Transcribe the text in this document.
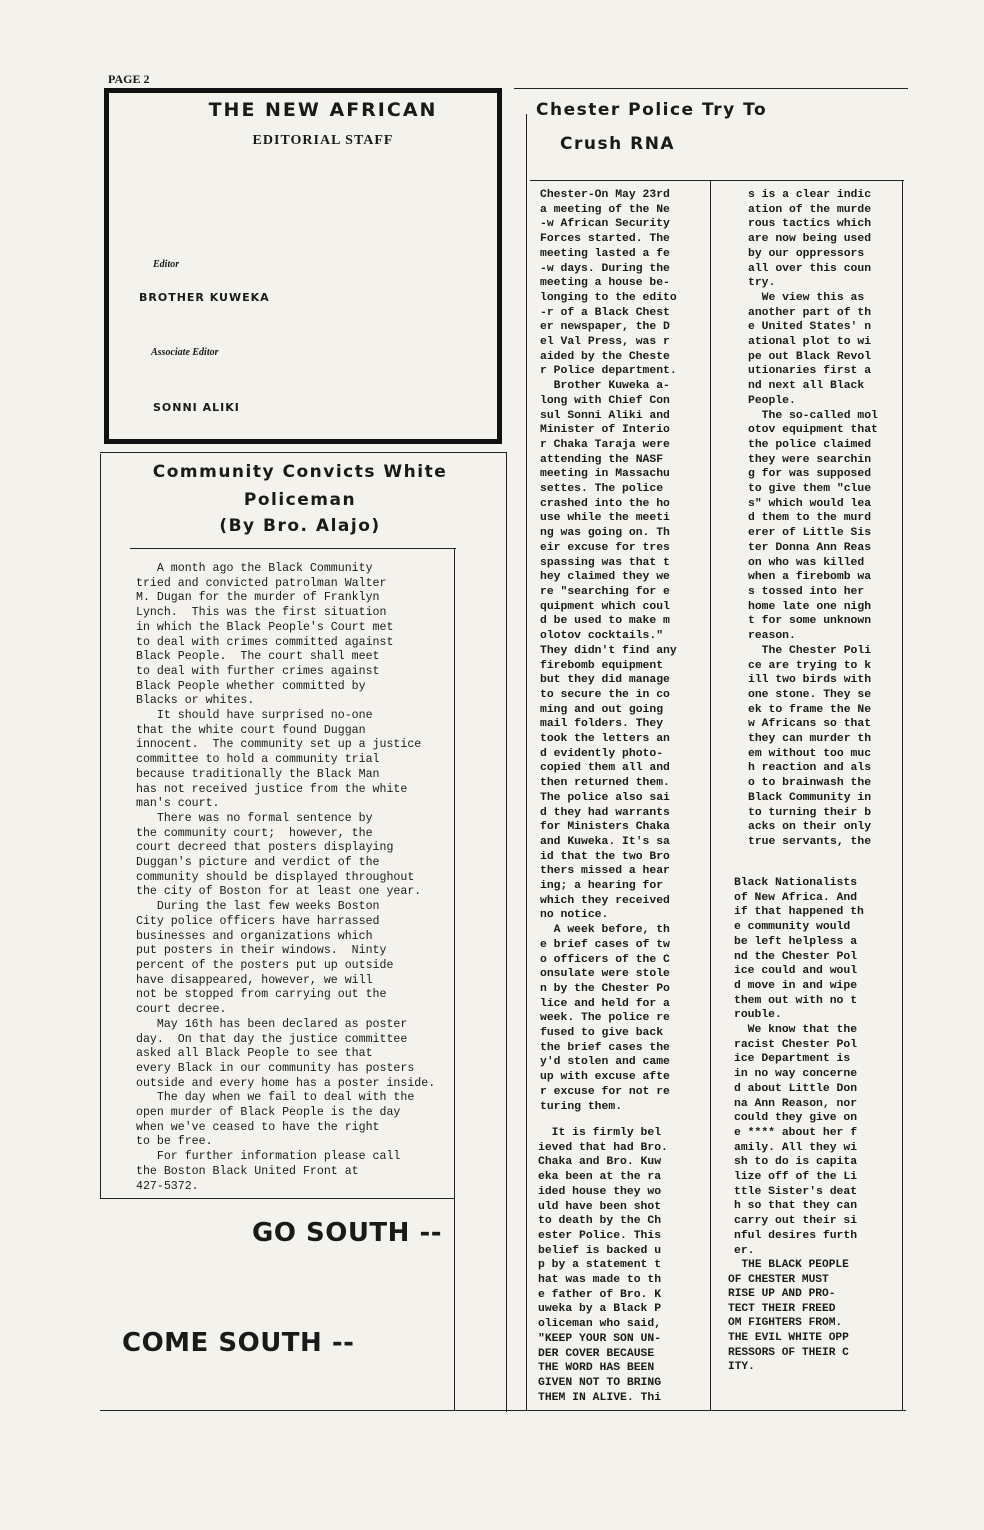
PAGE 2
THE NEW AFRICAN
EDITORIAL STAFF
Editor
BROTHER KUWEKA
Associate Editor
SONNI ALIKI
Community Convicts White
Policeman
(By Bro. Alajo)
A month ago the Black Community
tried and convicted patrolman Walter
M. Dugan for the murder of Franklyn
Lynch.  This was the first situation
in which the Black People's Court met
to deal with crimes committed against
Black People.  The court shall meet
to deal with further crimes against
Black People whether committed by
Blacks or whites.
It should have surprised no-one
that the white court found Duggan
innocent.  The community set up a justice
committee to hold a community trial
because traditionally the Black Man
has not received justice from the white
man's court.
There was no formal sentence by
the community court;  however, the
court decreed that posters displaying
Duggan's picture and verdict of the
community should be displayed throughout
the city of Boston for at least one year.
During the last few weeks Boston
City police officers have harrassed
businesses and organizations which
put posters in their windows.  Ninty
percent of the posters put up outside
have disappeared, however, we will
not be stopped from carrying out the
court decree.
May 16th has been declared as poster
day.  On that day the justice committee
asked all Black People to see that
every Black in our community has posters
outside and every home has a poster inside.
The day when we fail to deal with the
open murder of Black People is the day
when we've ceased to have the right
to be free.
For further information please call
the Boston Black United Front at
427-5372.
GO SOUTH --
COME SOUTH --
Chester Police Try To
Crush RNA
Chester-On May 23rd
a meeting of the Ne
-w African Security
Forces started. The
meeting lasted a fe
-w days. During the
meeting a house be-
longing to the edito
-r of a Black Chest
er newspaper, the D
el Val Press, was r
aided by the Cheste
r Police department.
Brother Kuweka a-
long with Chief Con
sul Sonni Aliki and
Minister of Interio
r Chaka Taraja were
attending the NASF
meeting in Massachu
settes. The police
crashed into the ho
use while the meeti
ng was going on. Th
eir excuse for tres
spassing was that t
hey claimed they we
re "searching for e
quipment which coul
d be used to make m
olotov cocktails."
They didn't find any
firebomb equipment
but they did manage
to secure the in co
ming and out going
mail folders. They
took the letters an
d evidently photo-
copied them all and
then returned them.
The police also sai
d they had warrants
for Ministers Chaka
and Kuweka. It's sa
id that the two Bro
thers missed a hear
ing; a hearing for
which they received
no notice.
A week before, th
e brief cases of tw
o officers of the C
onsulate were stole
n by the Chester Po
lice and held for a
week. The police re
fused to give back
the brief cases the
y'd stolen and came
up with excuse afte
r excuse for not re
turing them.
It is firmly bel
ieved that had Bro.
Chaka and Bro. Kuw
eka been at the ra
ided house they wo
uld have been shot
to death by the Ch
ester Police. This
belief is backed u
p by a statement t
hat was made to th
e father of Bro. K
uweka by a Black P
oliceman who said,
"KEEP YOUR SON UN-
DER COVER BECAUSE
THE WORD HAS BEEN
GIVEN NOT TO BRING
THEM IN ALIVE. Thi
s is a clear indic
ation of the murde
rous tactics which
are now being used
by our oppressors
all over this coun
try.
We view this as
another part of th
e United States' n
ational plot to wi
pe out Black Revol
utionaries first a
nd next all Black
People.
The so-called mol
otov equipment that
the police claimed
they were searchin
g for was supposed
to give them "clue
s" which would lea
d them to the murd
erer of Little Sis
ter Donna Ann Reas
on who was killed
when a firebomb wa
s tossed into her
home late one nigh
t for some unknown
reason.
The Chester Poli
ce are trying to k
ill two birds with
one stone. They se
ek to frame the Ne
w Africans so that
they can murder th
em without too muc
h reaction and als
o to brainwash the
Black Community in
to turning their b
acks on their only
true servants, the
Black Nationalists
of New Africa. And
if that happened th
e community would
be left helpless a
nd the Chester Pol
ice could and woul
d move in and wipe
them out with no t
rouble.
We know that the
racist Chester Pol
ice Department is
in no way concerne
d about Little Don
na Ann Reason, nor
could they give on
e **** about her f
amily. All they wi
sh to do is capita
lize off of the Li
ttle Sister's deat
h so that they can
carry out their si
nful desires furth
er.
THE BLACK PEOPLE
OF CHESTER MUST
RISE UP AND PRO-
TECT THEIR FREED
OM FIGHTERS FROM.
THE EVIL WHITE OPP
RESSORS OF THEIR C
ITY.
